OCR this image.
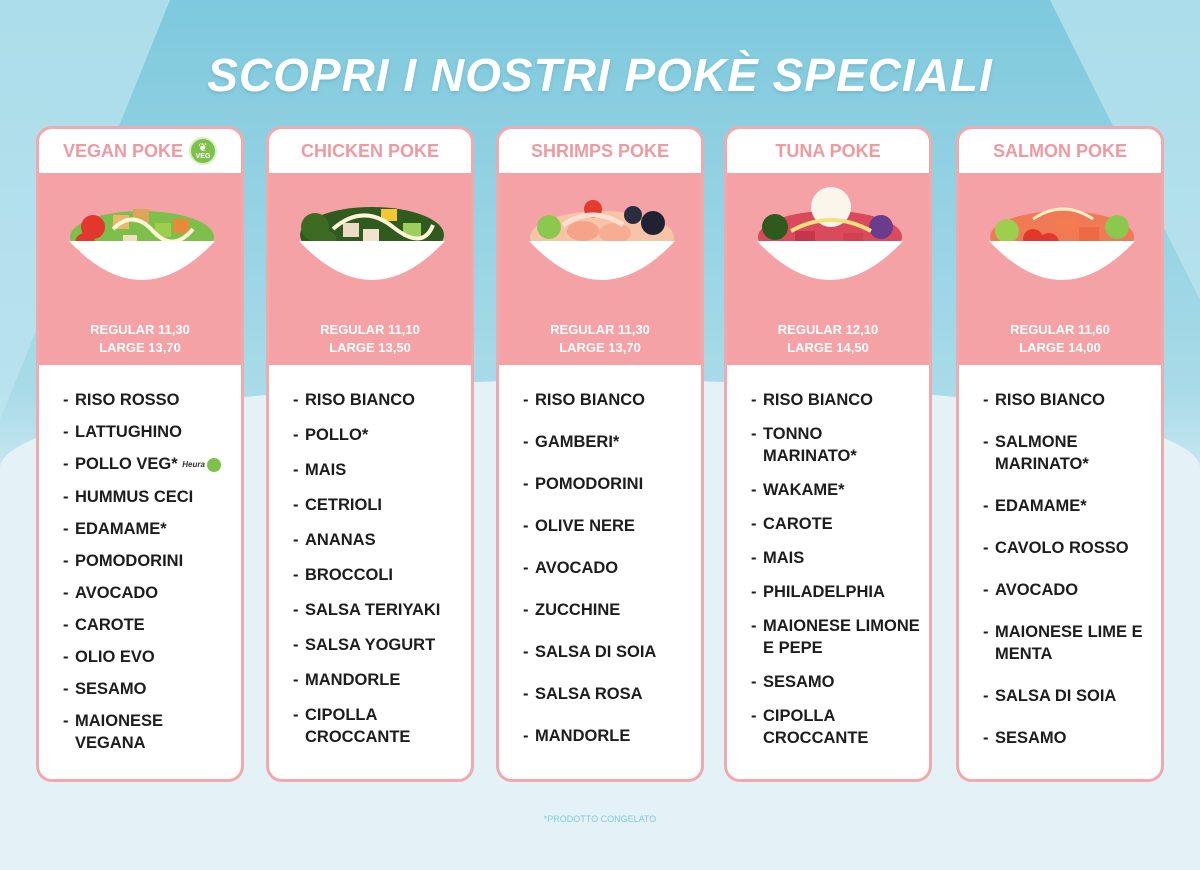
SCOPRI I NOSTRI POKÈ SPECIALI
VEGAN POKE ❦
VEG
REGULAR 11,30
LARGE 13,70
- RISO ROSSO
- LATTUGHINO
- POLLO VEG* Heura
- HUMMUS CECI
- EDAMAME*
- POMODORINI
- AVOCADO
- CAROTE
- OLIO EVO
- SESAMO
- MAIONESE VEGANA
CHICKEN POKE
REGULAR 11,10
LARGE 13,50
- RISO BIANCO
- POLLO*
- MAIS
- CETRIOLI
- ANANAS
- BROCCOLI
- SALSA TERIYAKI
- SALSA YOGURT
- MANDORLE
- CIPOLLA CROCCANTE
SHRIMPS POKE
REGULAR 11,30
LARGE 13,70
- RISO BIANCO
- GAMBERI*
- POMODORINI
- OLIVE NERE
- AVOCADO
- ZUCCHINE
- SALSA DI SOIA
- SALSA ROSA
- MANDORLE
TUNA POKE
REGULAR 12,10
LARGE 14,50
- RISO BIANCO
- TONNO MARINATO*
- WAKAME*
- CAROTE
- MAIS
- PHILADELPHIA
- MAIONESE LIMONE E PEPE
- SESAMO
- CIPOLLA CROCCANTE
SALMON POKE
REGULAR 11,60
LARGE 14,00
- RISO BIANCO
- SALMONE MARINATO*
- EDAMAME*
- CAVOLO ROSSO
- AVOCADO
- MAIONESE LIME E MENTA
- SALSA DI SOIA
- SESAMO
*PRODOTTO CONGELATO
